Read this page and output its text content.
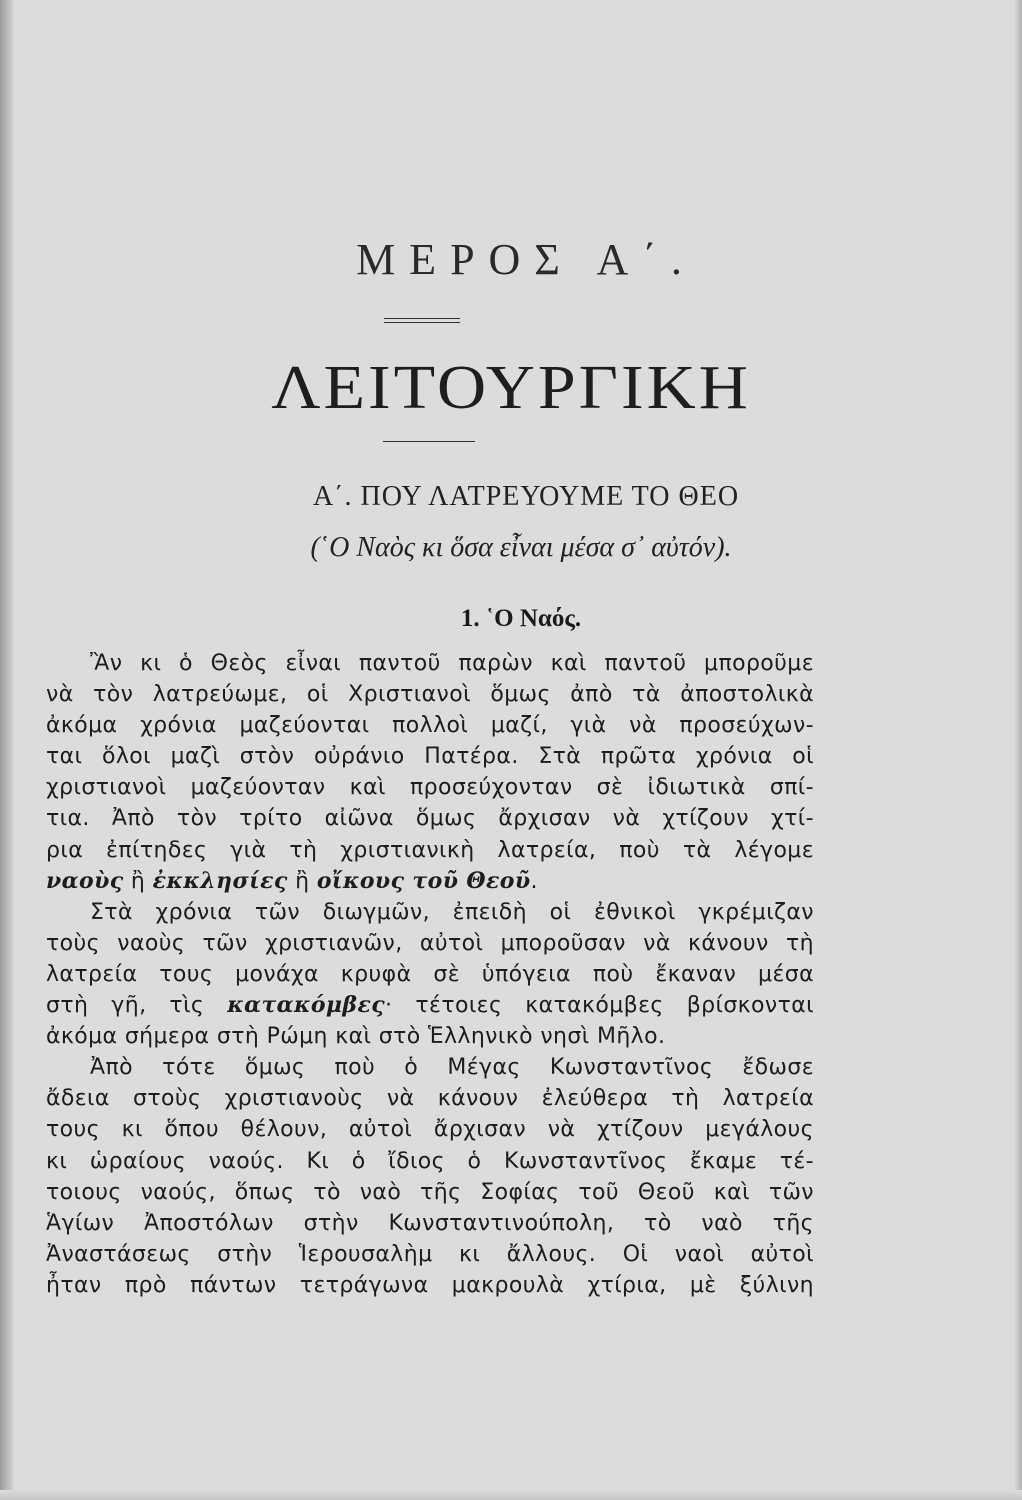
ΜΕΡΟΣ Α΄.
ΛΕΙΤΟΥΡΓΙΚΗ
Α΄. ΠΟΥ ΛΑΤΡΕΥΟΥΜΕ ΤΟ ΘΕΟ
(῾Ο Ναὸς κι ὅσα εἶναι μέσα σ᾽ αὐτόν).
1. ῾Ο Ναός.
Ἂν κι ὁ Θεὸς εἶναι παντοῦ παρὼν καὶ παντοῦ μποροῦμε
νὰ τὸν λατρεύωμε, οἱ Χριστιανοὶ ὅμως ἀπὸ τὰ ἀποστολικὰ
ἀκόμα χρόνια μαζεύονται πολλοὶ μαζί, γιὰ νὰ προσεύχων-
ται ὅλοι μαζὶ στὸν οὐράνιο Πατέρα. Στὰ πρῶτα χρόνια οἱ
χριστιανοὶ μαζεύονταν καὶ προσεύχονταν σὲ ἰδιωτικὰ σπί-
τια. Ἀπὸ τὸν τρίτο αἰῶνα ὅμως ἄρχισαν νὰ χτίζουν χτί-
ρια ἐπίτηδες γιὰ τὴ χριστιανικὴ λατρεία, ποὺ τὰ λέγομε
ναοὺς ἢ ἐκκλησίες ἢ οἴκους τοῦ Θεοῦ.
Στὰ χρόνια τῶν διωγμῶν, ἐπειδὴ οἱ ἐθνικοὶ γκρέμιζαν
τοὺς ναοὺς τῶν χριστιανῶν, αὐτοὶ μποροῦσαν νὰ κάνουν τὴ
λατρεία τους μονάχα κρυφὰ σὲ ὑπόγεια ποὺ ἔκαναν μέσα
στὴ γῆ, τὶς κατακόμβες· τέτοιες κατακόμβες βρίσκονται
ἀκόμα σήμερα στὴ Ρώμη καὶ στὸ Ἑλληνικὸ νησὶ Μῆλο.
Ἀπὸ τότε ὅμως ποὺ ὁ Μέγας Κωνσταντῖνος ἔδωσε
ἄδεια στοὺς χριστιανοὺς νὰ κάνουν ἐλεύθερα τὴ λατρεία
τους κι ὅπου θέλουν, αὐτοὶ ἄρχισαν νὰ χτίζουν μεγάλους
κι ὡραίους ναούς. Κι ὁ ἴδιος ὁ Κωνσταντῖνος ἔκαμε τέ-
τοιους ναούς, ὅπως τὸ ναὸ τῆς Σοφίας τοῦ Θεοῦ καὶ τῶν
Ἁγίων Ἀποστόλων στὴν Κωνσταντινούπολη, τὸ ναὸ τῆς
Ἀναστάσεως στὴν Ἱερουσαλὴμ κι ἄλλους. Οἱ ναοὶ αὐτοὶ
ἦταν πρὸ πάντων τετράγωνα μακρουλὰ χτίρια, μὲ ξύλινη
